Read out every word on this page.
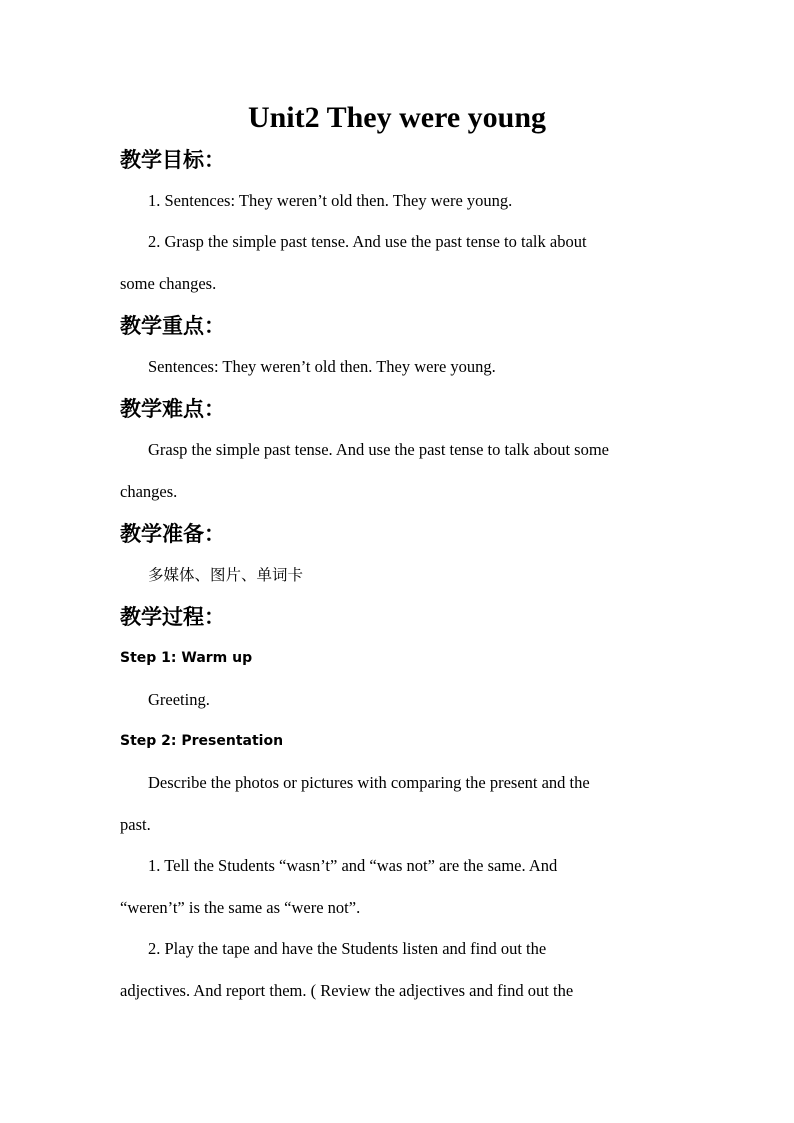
Unit2 They were young
教学目标：
1. Sentences: They weren’t old then. They were young.
2. Grasp the simple past tense. And use the past tense to talk about
some changes.
教学重点：
Sentences: They weren’t old then. They were young.
教学难点：
Grasp the simple past tense. And use the past tense to talk about some
changes.
教学准备：
多媒体、图片、单词卡
教学过程：
Step 1: Warm up
Greeting.
Step 2: Presentation
Describe the photos or pictures with comparing the present and the
past.
1. Tell the Students “wasn’t” and “was not” are the same. And
“weren’t” is the same as “were not”.
2. Play the tape and have the Students listen and find out the
adjectives. And report them. ( Review the adjectives and find out the
